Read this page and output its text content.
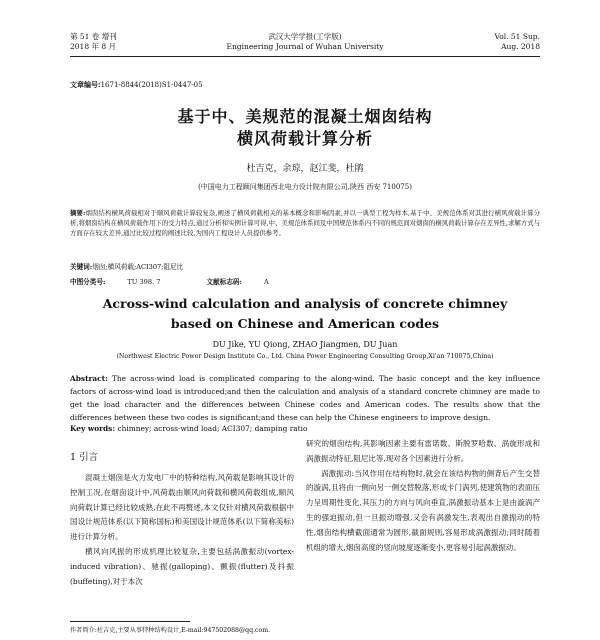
第 51 卷 增刊
2018 年 8 月
武汉大学学报(工学版)
Engineering Journal of Wuhan University
Vol. 51 Sup.
Aug. 2018
文章编号:1671-8844(2018)S1-0447-05
基于中、美规范的混凝土烟囱结构
横风荷载计算分析
杜吉克，余琼，赵江斐，杜鹃
(中国电力工程顾问集团西北电力设计院有限公司,陕西 西安 710075)
摘要:烟囱结构横风荷载相对于顺风荷载计算较复杂,阐述了横风荷载相关的基本概念和影响因素,并以一典型工程为样本,基于中、美规范体系对其进行横风荷载计算分析,将烟囱结构在横风荷载作用下的受力特点,通过分析和实例计算可得,中、美规范体系间及中国规范体系内不同的规范间对烟囱的横风荷载计算存在差异性,求解方式与方面存在较大差异,通过比较过程的阐述比较,为国内工程设计人员提供参考。
关键词:烟囱;横风荷载;ACI307;阻尼比
中图分类号:	TU 398. 7	文献标志码:	A
Across-wind calculation and analysis of concrete chimney
based on Chinese and American codes
DU Jike, YU Qiong, ZHAO Jiangmen, DU Juan
(Northwest Electric Power Design Institute Co., Ltd. China Power Engineering Consulting Group,Xi'an 710075,China)
Abstract: The across-wind load is complicated comparing to the along-wind. The basic concept and the key influence factors of across-wind load is introduced;and then the calculation and analysis of a standard concrete chimney are made to get the load character and the differences between Chinese codes and American codes. The results show that the differences between these two codes is significant;and these can help the Chinese engineers to improve design.
Key words: chimney; across-wind load; ACI307; damping ratio
1 引言

混凝土烟囱是火力发电厂中的特种结构,风荷载是影响其设计的控制工况,在烟囱设计中,风荷载由顺风向荷载和横风荷载组成,顺风向荷载计算已经比较成熟,在此不再赘述,本文仅针对横风荷载根据中国设计规范体系(以下简称国标)和美国设计规范体系(以下简称美标)进行计算分析。

横风向风振的形成机理比较复杂,主要包括涡激振动(vortex-induced vibration)、驰振(galloping)、颤振(flutter)及抖振(buffeting),对于本次

研究的烟囱结构,其影响因素主要有雷诺数、斯脱罗哈数、涡旋形成和涡激振动特征,阻尼比等,现对各个因素进行分析。

涡激振动:当风作用在结构物时,就会在该结构物的侧背后产生交替的漩涡,且将由一侧向另一侧交替脱落,形成卡门涡列,使建筑物的表面压力呈周期性变化,其压力的方向与风向垂直,涡激振动基本上是由漩涡产生的强迫振动,但一旦振动增强,又会有涡激发生,表观出自激振动的特性,烟囱结构横截面通常为圆形,截面规则,容易形成涡激振动;同时随着机组的增大,烟囱高度的竖向坡度逐渐变小,更容易引起涡激振动。

作者简介:杜吉克,主要从事特种结构设计,E-mail:947502088@qq.com.
